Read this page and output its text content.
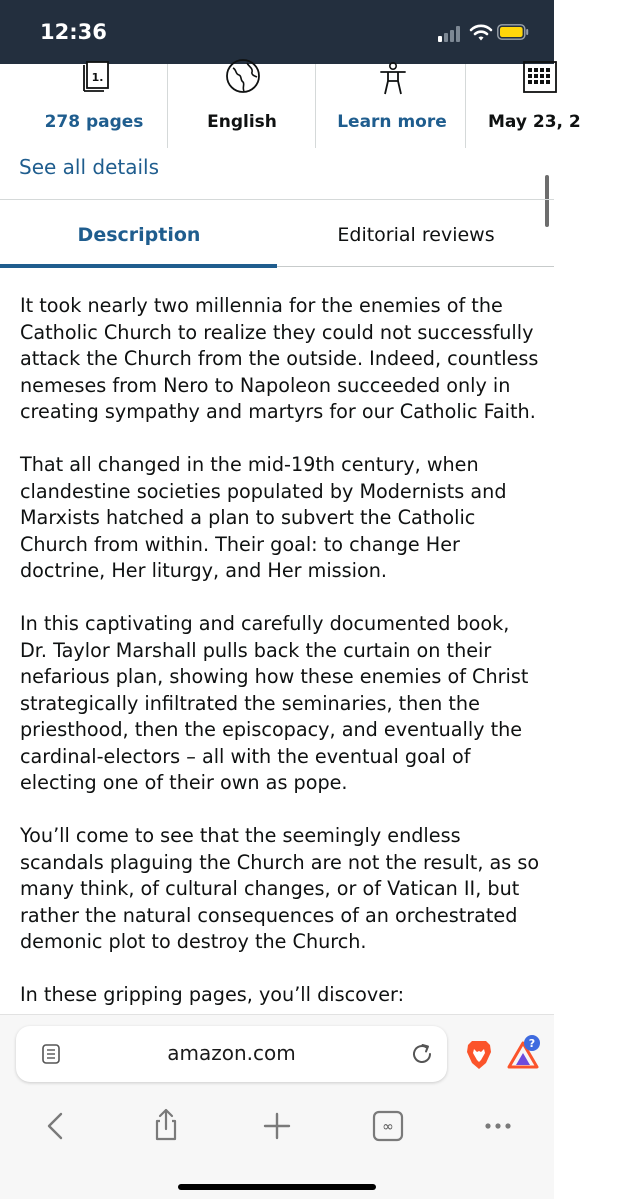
12:36
1.
278 pages	English	Learn more	May 23, 2
See all details
Description	Editorial reviews

It took nearly two millennia for the enemies of the Catholic Church to realize they could not successfully attack the Church from the outside. Indeed, countless nemeses from Nero to Napoleon succeeded only in creating sympathy and martyrs for our Catholic Faith.

That all changed in the mid-19th century, when clandestine societies populated by Modernists and Marxists hatched a plan to subvert the Catholic Church from within. Their goal: to change Her doctrine, Her liturgy, and Her mission.

In this captivating and carefully documented book, Dr. Taylor Marshall pulls back the curtain on their nefarious plan, showing how these enemies of Christ strategically infiltrated the seminaries, then the priesthood, then the episcopacy, and eventually the cardinal-electors – all with the eventual goal of electing one of their own as pope.

You’ll come to see that the seemingly endless scandals plaguing the Church are not the result, as so many think, of cultural changes, or of Vatican II, but rather the natural consequences of an orchestrated demonic plot to destroy the Church.

In these gripping pages, you’ll discover:

amazon.com	?
∞
